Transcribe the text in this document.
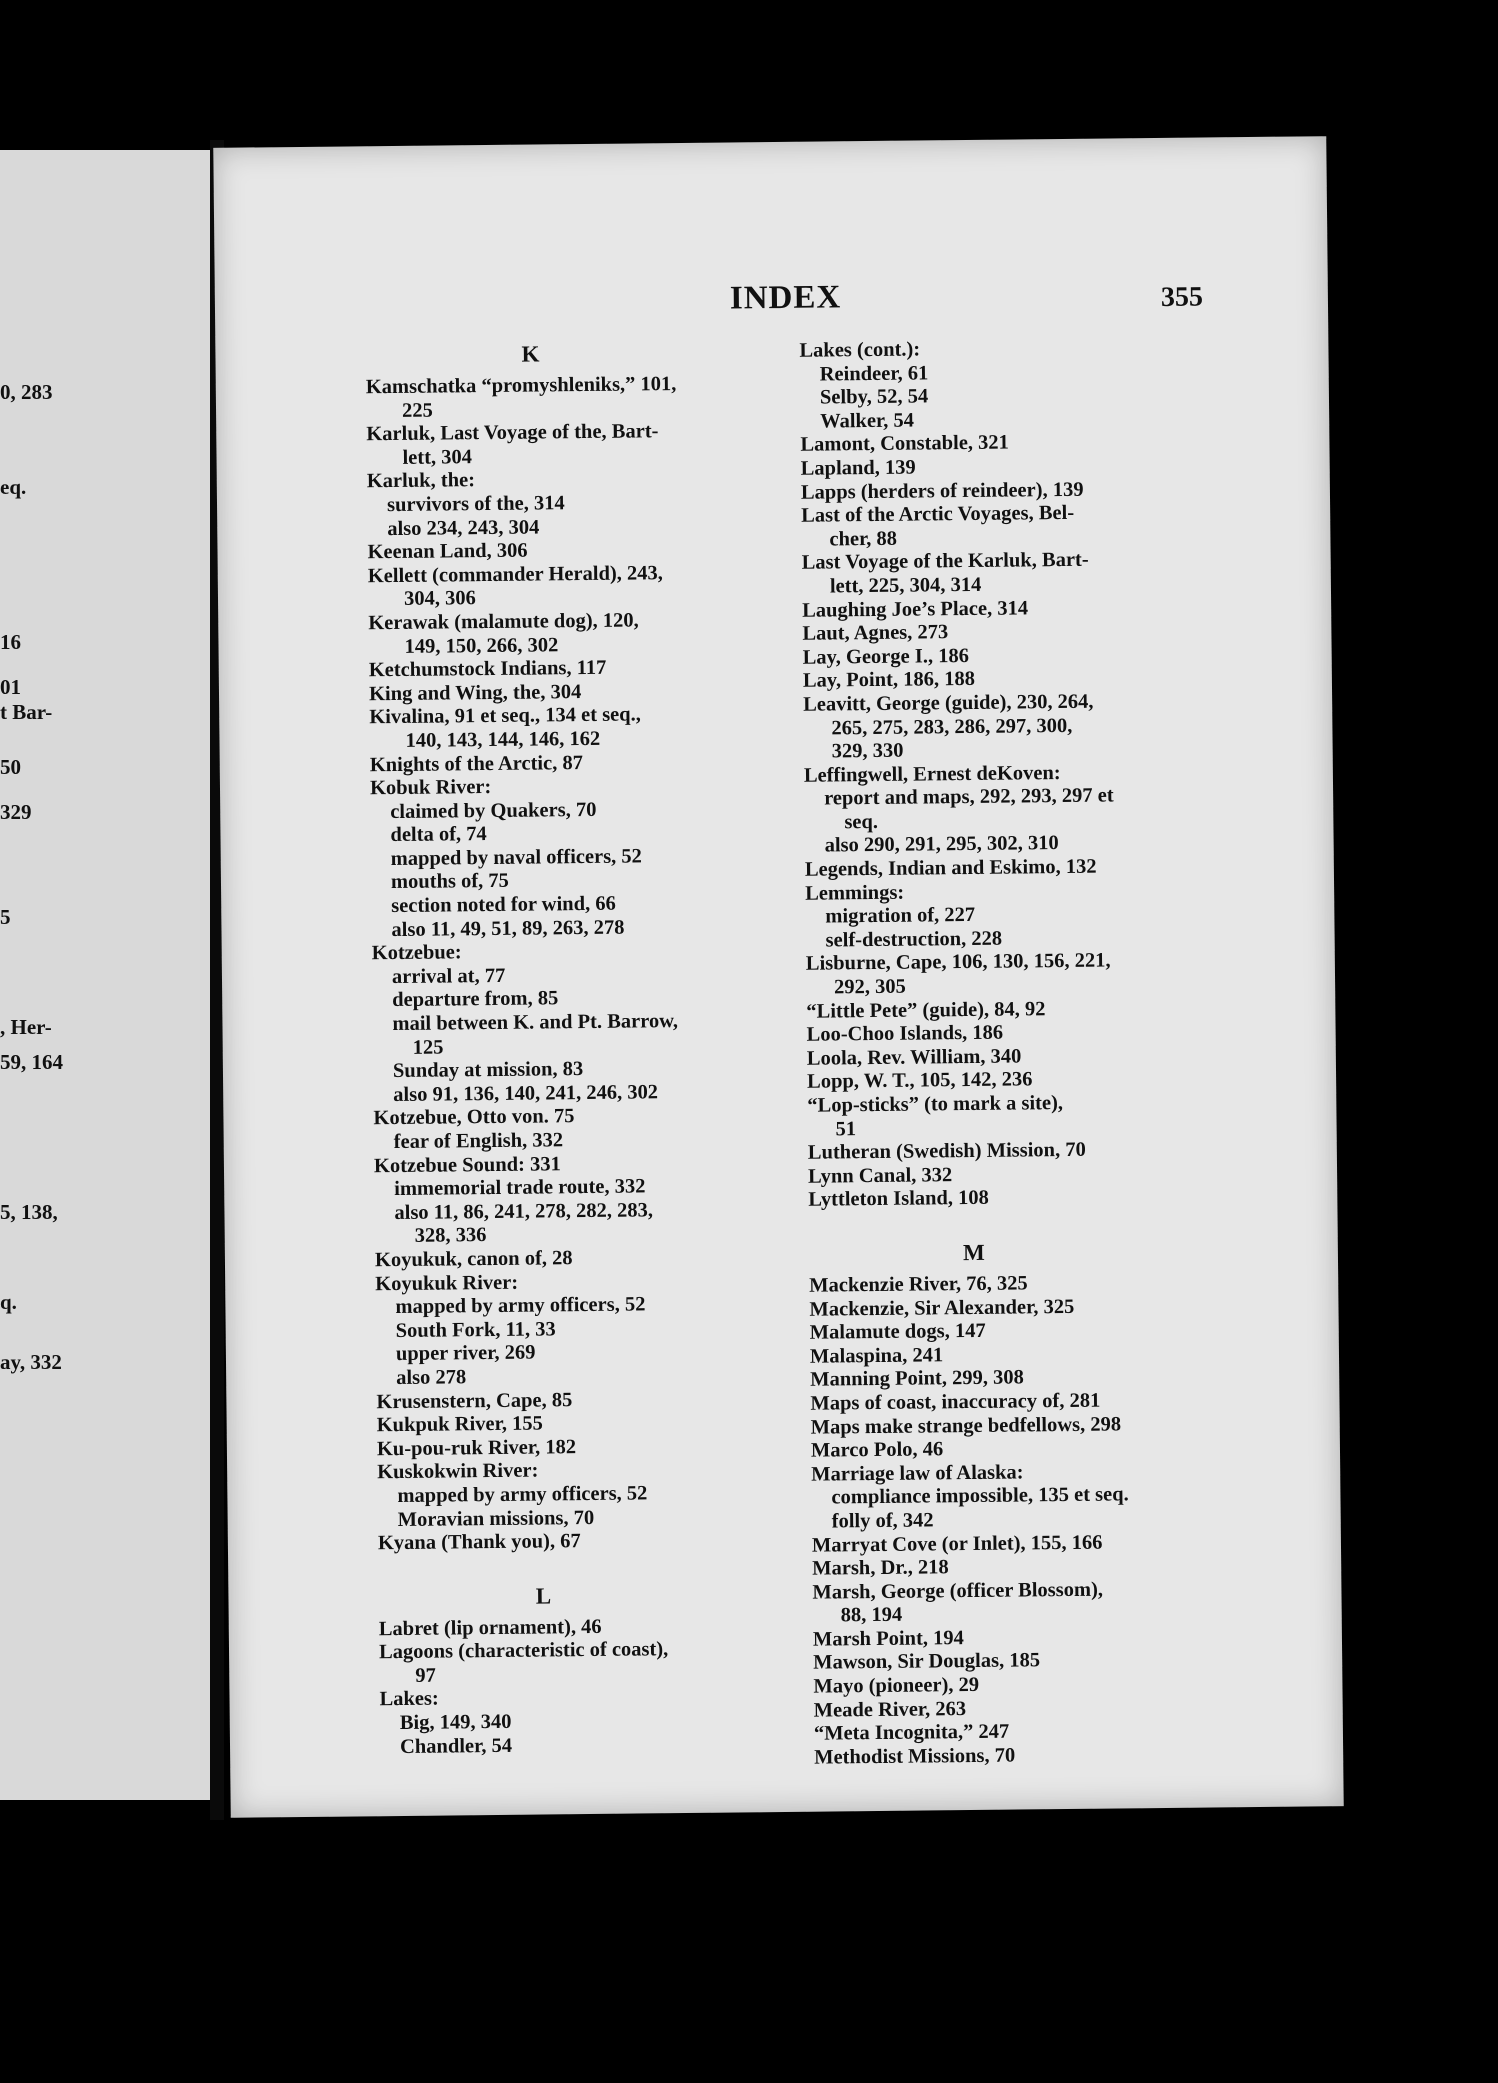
0, 283
eq.
16
01
t Bar-
50
329
5
, Her-
59, 164
5, 138,
q.
ay, 332
INDEX	355
K
Kamschatka “promyshleniks,” 101,
225
Karluk, Last Voyage of the, Bart-
lett, 304
Karluk, the:
survivors of the, 314
also 234, 243, 304
Keenan Land, 306
Kellett (commander Herald), 243,
304, 306
Kerawak (malamute dog), 120,
149, 150, 266, 302
Ketchumstock Indians, 117
King and Wing, the, 304
Kivalina, 91 et seq., 134 et seq.,
140, 143, 144, 146, 162
Knights of the Arctic, 87
Kobuk River:
claimed by Quakers, 70
delta of, 74
mapped by naval officers, 52
mouths of, 75
section noted for wind, 66
also 11, 49, 51, 89, 263, 278
Kotzebue:
arrival at, 77
departure from, 85
mail between K. and Pt. Barrow,
125
Sunday at mission, 83
also 91, 136, 140, 241, 246, 302
Kotzebue, Otto von. 75
fear of English, 332
Kotzebue Sound: 331
immemorial trade route, 332
also 11, 86, 241, 278, 282, 283,
328, 336
Koyukuk, canon of, 28
Koyukuk River:
mapped by army officers, 52
South Fork, 11, 33
upper river, 269
also 278
Krusenstern, Cape, 85
Kukpuk River, 155
Ku-pou-ruk River, 182
Kuskokwin River:
mapped by army officers, 52
Moravian missions, 70
Kyana (Thank you), 67
L
Labret (lip ornament), 46
Lagoons (characteristic of coast),
97
Lakes:
Big, 149, 340
Chandler, 54
Lakes (cont.):
Reindeer, 61
Selby, 52, 54
Walker, 54
Lamont, Constable, 321
Lapland, 139
Lapps (herders of reindeer), 139
Last of the Arctic Voyages, Bel-
cher, 88
Last Voyage of the Karluk, Bart-
lett, 225, 304, 314
Laughing Joe’s Place, 314
Laut, Agnes, 273
Lay, George I., 186
Lay, Point, 186, 188
Leavitt, George (guide), 230, 264,
265, 275, 283, 286, 297, 300,
329, 330
Leffingwell, Ernest deKoven:
report and maps, 292, 293, 297 et
seq.
also 290, 291, 295, 302, 310
Legends, Indian and Eskimo, 132
Lemmings:
migration of, 227
self-destruction, 228
Lisburne, Cape, 106, 130, 156, 221,
292, 305
“Little Pete” (guide), 84, 92
Loo-Choo Islands, 186
Loola, Rev. William, 340
Lopp, W. T., 105, 142, 236
“Lop-sticks” (to mark a site),
51
Lutheran (Swedish) Mission, 70
Lynn Canal, 332
Lyttleton Island, 108
M
Mackenzie River, 76, 325
Mackenzie, Sir Alexander, 325
Malamute dogs, 147
Malaspina, 241
Manning Point, 299, 308
Maps of coast, inaccuracy of, 281
Maps make strange bedfellows, 298
Marco Polo, 46
Marriage law of Alaska:
compliance impossible, 135 et seq.
folly of, 342
Marryat Cove (or Inlet), 155, 166
Marsh, Dr., 218
Marsh, George (officer Blossom),
88, 194
Marsh Point, 194
Mawson, Sir Douglas, 185
Mayo (pioneer), 29
Meade River, 263
“Meta Incognita,” 247
Methodist Missions, 70
